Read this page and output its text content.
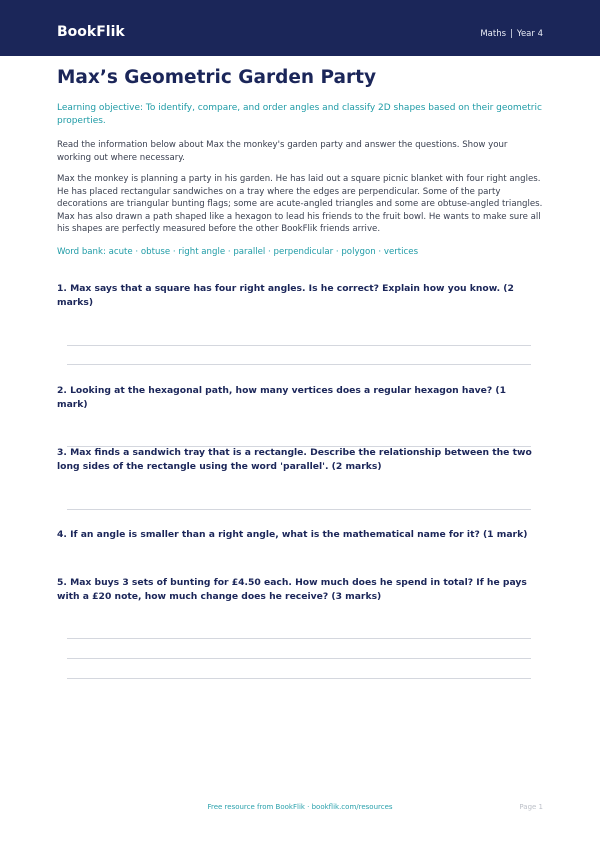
BookFlik	Maths | Year 4
Max’s Geometric Garden Party

Learning objective: To identify, compare, and order angles and classify 2D shapes based on their geometric properties.

Read the information below about Max the monkey's garden party and answer the questions. Show your working out where necessary.

Max the monkey is planning a party in his garden. He has laid out a square picnic blanket with four right angles. He has placed rectangular sandwiches on a tray where the edges are perpendicular. Some of the party decorations are triangular bunting flags; some are acute-angled triangles and some are obtuse-angled triangles. Max has also drawn a path shaped like a hexagon to lead his friends to the fruit bowl. He wants to make sure all his shapes are perfectly measured before the other BookFlik friends arrive.

Word bank: acute · obtuse · right angle · parallel · perpendicular · polygon · vertices

1. Max says that a square has four right angles. Is he correct? Explain how you know. (2 marks)
2. Looking at the hexagonal path, how many vertices does a regular hexagon have? (1 mark)
3. Max finds a sandwich tray that is a rectangle. Describe the relationship between the two long sides of the rectangle using the word 'parallel'. (2 marks)
4. If an angle is smaller than a right angle, what is the mathematical name for it? (1 mark)
5. Max buys 3 sets of bunting for £4.50 each. How much does he spend in total? If he pays with a £20 note, how much change does he receive? (3 marks)
Free resource from BookFlik · bookflik.com/resources	Page 1
